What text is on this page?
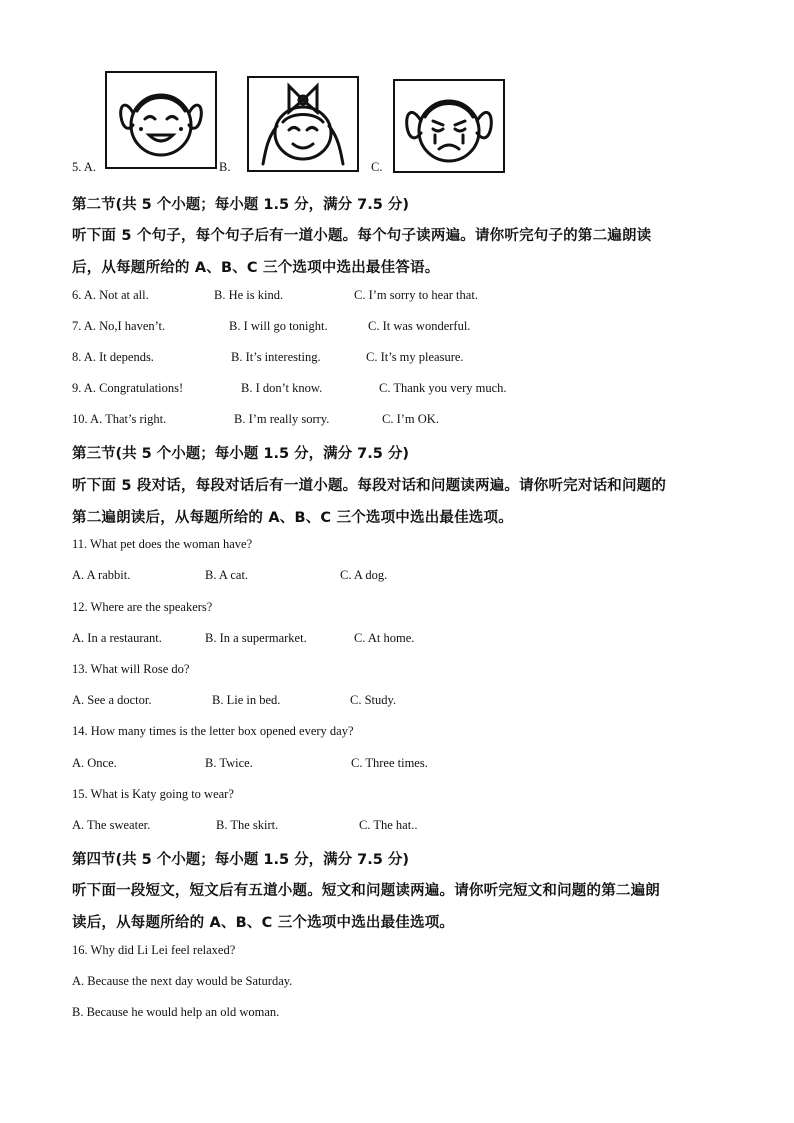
5. A.	B.	C.
第二节(共 5 个小题；每小题 1.5 分，满分 7.5 分)
听下面 5 个句子，每个句子后有一道小题。每个句子读两遍。请你听完句子的第二遍朗读
后，从每题所给的 A、B、C 三个选项中选出最佳答语。
6. A. Not at all.	B. He is kind.	C. I’m sorry to hear that.
7. A. No,I haven’t.	B. I will go tonight.	C. It was wonderful.
8. A. It depends.	B. It’s interesting.	C. It’s my pleasure.
9. A. Congratulations!	B. I don’t know.	C. Thank you very much.
10. A. That’s right.	B. I’m really sorry.	C. I’m OK.
第三节(共 5 个小题；每小题 1.5 分，满分 7.5 分)
听下面 5 段对话，每段对话后有一道小题。每段对话和问题读两遍。请你听完对话和问题的
第二遍朗读后，从每题所给的 A、B、C 三个选项中选出最佳选项。
11. What pet does the woman have?
A. A rabbit.	B. A cat.	C. A dog.
12. Where are the speakers?
A. In a restaurant.	B. In a supermarket.	C. At home.
13. What will Rose do?
A. See a doctor.	B. Lie in bed.	C. Study.
14. How many times is the letter box opened every day?
A. Once.	B. Twice.	C. Three times.
15. What is Katy going to wear?
A. The sweater.	B. The skirt.	C. The hat..
第四节(共 5 个小题；每小题 1.5 分，满分 7.5 分)
听下面一段短文，短文后有五道小题。短文和问题读两遍。请你听完短文和问题的第二遍朗
读后，从每题所给的 A、B、C 三个选项中选出最佳选项。
16. Why did Li Lei feel relaxed?
A. Because the next day would be Saturday.
B. Because he would help an old woman.
